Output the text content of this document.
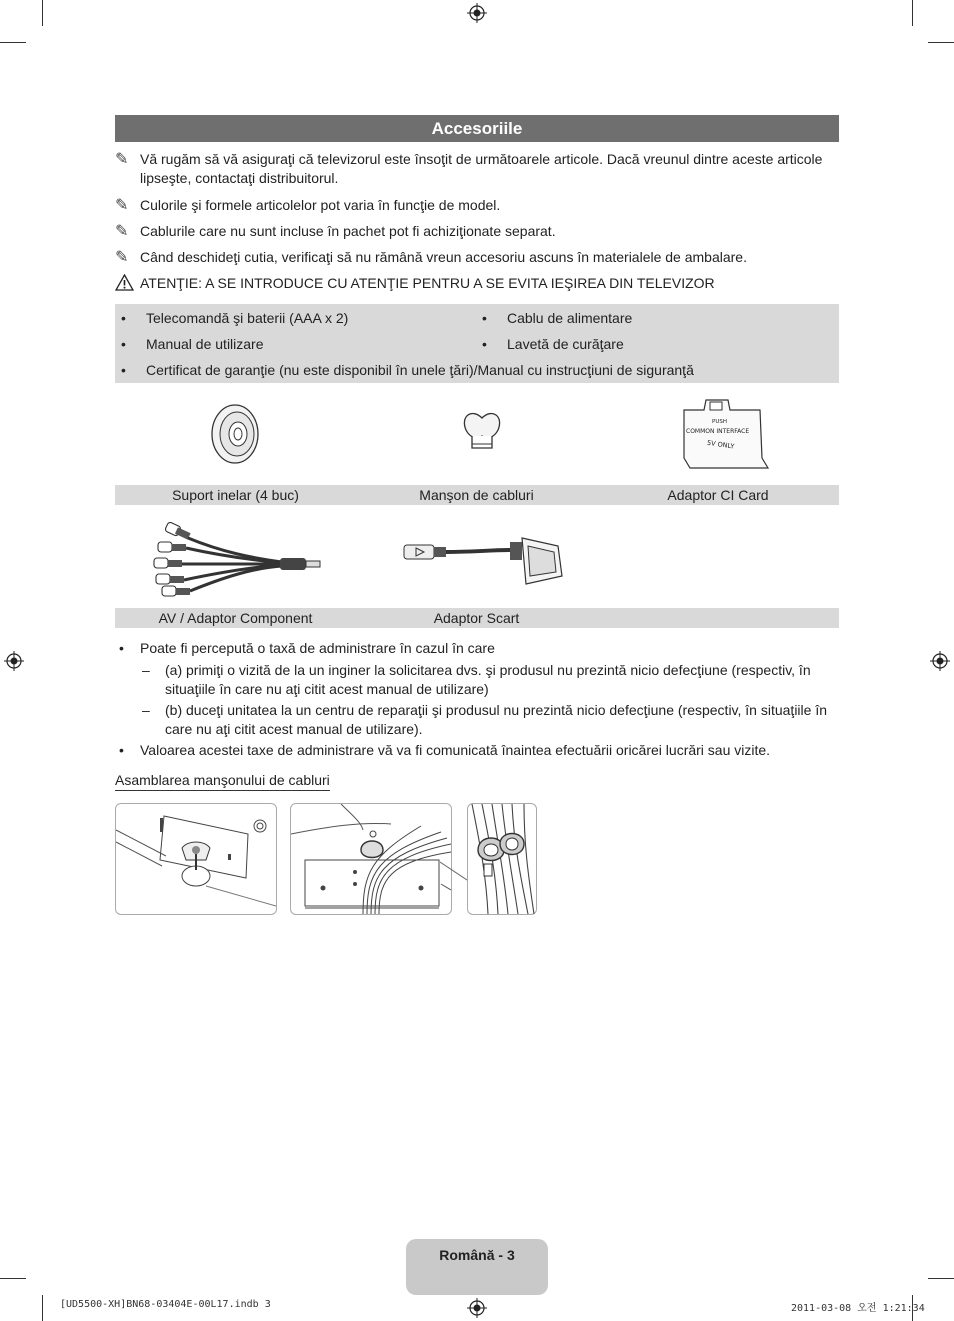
Accesoriile
✎ Vă rugăm să vă asiguraţi că televizorul este însoţit de următoarele articole. Dacă vreunul dintre aceste articole lipseşte, contactaţi distribuitorul.
✎ Culorile şi formele articolelor pot varia în funcţie de model.
✎ Cablurile care nu sunt incluse în pachet pot fi achiziţionate separat.
✎ Când deschideţi cutia, verificaţi să nu rămână vreun accesoriu ascuns în materialele de ambalare.
ATENŢIE: A SE INTRODUCE CU ATENŢIE PENTRU A SE EVITA IEŞIREA DIN TELEVIZOR
• Telecomandă şi baterii (AAA x 2)	• Cablu de alimentare
• Manual de utilizare	• Lavetă de curăţare
• Certificat de garanţie (nu este disponibil în unele ţări)/Manual cu instrucţiuni de siguranţă
PUSH
COMMON INTERFACE
5V ONLY
Suport inelar (4 buc)	Manşon de cabluri	Adaptor CI Card
AV / Adaptor Component	Adaptor Scart
• Poate fi percepută o taxă de administrare în cazul în care
– (a) primiţi o vizită de la un inginer la solicitarea dvs. şi produsul nu prezintă nicio defecţiune (respectiv, în situaţiile în care nu aţi citit acest manual de utilizare)
– (b) duceţi unitatea la un centru de reparaţii şi produsul nu prezintă nicio defecţiune (respectiv, în situaţiile în care nu aţi citit acest manual de utilizare).
• Valoarea acestei taxe de administrare vă va fi comunicată înaintea efectuării oricărei lucrări sau vizite.
Asamblarea manşonului de cabluri
Română - 3
[UD5500-XH]BN68-03404E-00L17.indb 3	2011-03-08 오전 1:21:34
